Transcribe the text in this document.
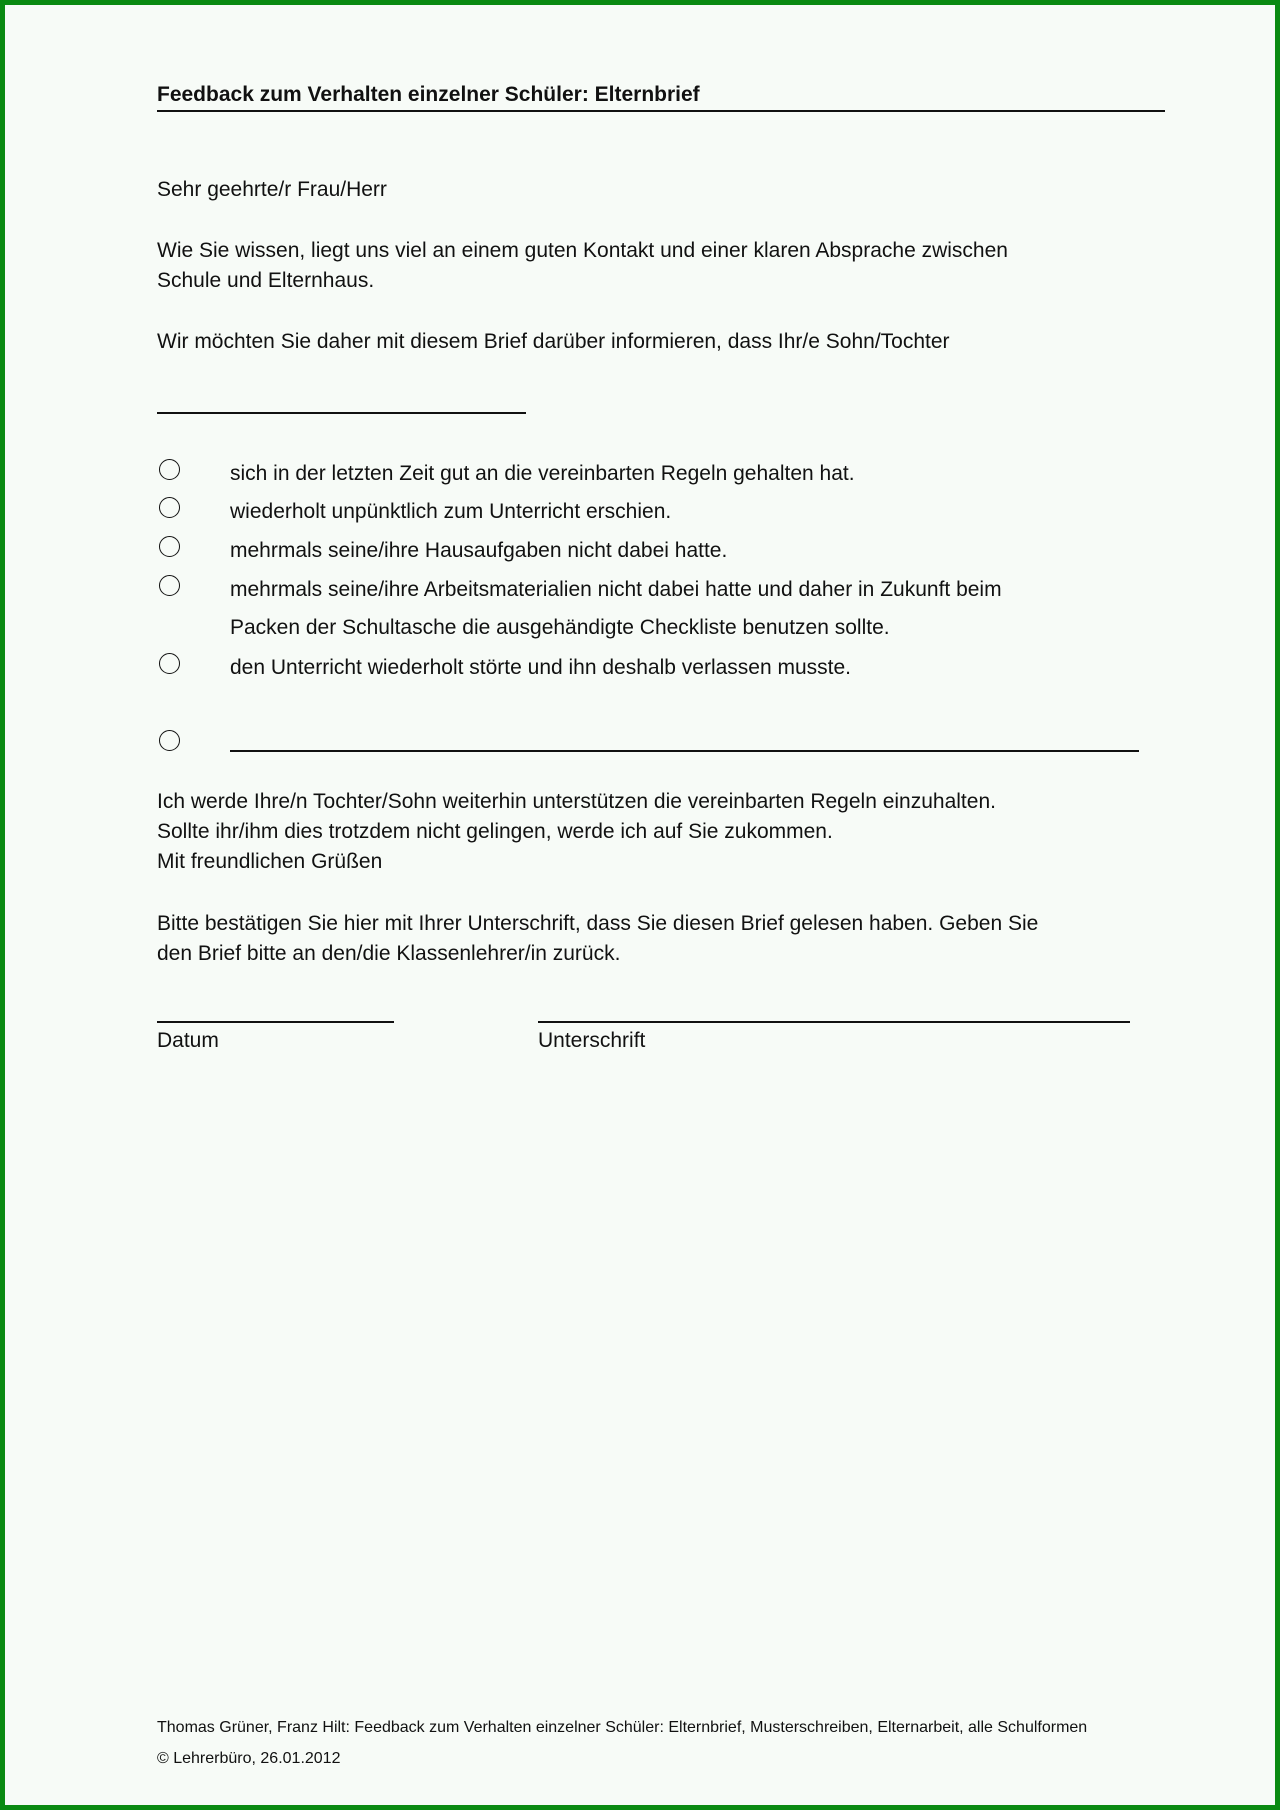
Feedback zum Verhalten einzelner Schüler: Elternbrief
Sehr geehrte/r Frau/Herr
Wie Sie wissen, liegt uns viel an einem guten Kontakt und einer klaren Absprache zwischen
Schule und Elternhaus.
Wir möchten Sie daher mit diesem Brief darüber informieren, dass Ihr/e Sohn/Tochter
sich in der letzten Zeit gut an die vereinbarten Regeln gehalten hat.
wiederholt unpünktlich zum Unterricht erschien.
mehrmals seine/ihre Hausaufgaben nicht dabei hatte.
mehrmals seine/ihre Arbeitsmaterialien nicht dabei hatte und daher in Zukunft beim
Packen der Schultasche die ausgehändigte Checkliste benutzen sollte.
den Unterricht wiederholt störte und ihn deshalb verlassen musste.
Ich werde Ihre/n Tochter/Sohn weiterhin unterstützen die vereinbarten Regeln einzuhalten.
Sollte ihr/ihm dies trotzdem nicht gelingen, werde ich auf Sie zukommen.
Mit freundlichen Grüßen
Bitte bestätigen Sie hier mit Ihrer Unterschrift, dass Sie diesen Brief gelesen haben. Geben Sie
den Brief bitte an den/die Klassenlehrer/in zurück.
Datum	Unterschrift
Thomas Grüner, Franz Hilt: Feedback zum Verhalten einzelner Schüler: Elternbrief, Musterschreiben, Elternarbeit, alle Schulformen
© Lehrerbüro, 26.01.2012
